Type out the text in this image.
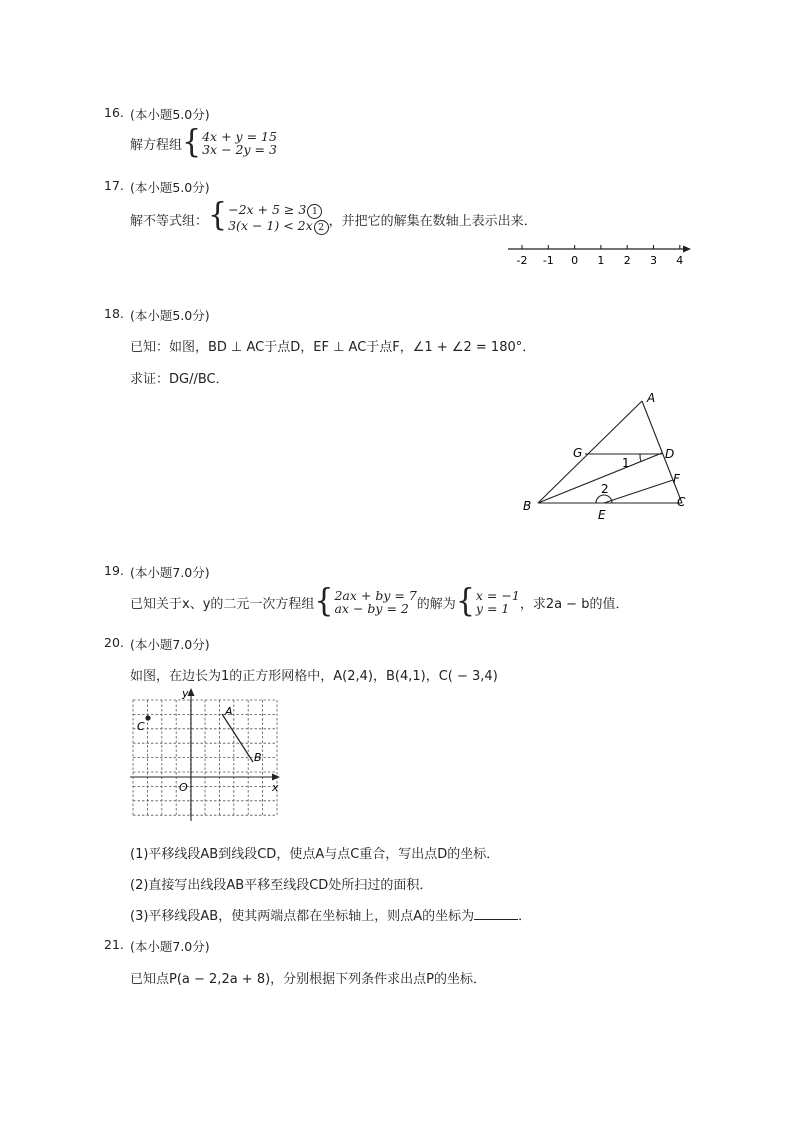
16. (本小题5.0分)
解方程组 { 4x + y = 15
3x − 2y = 3
17. (本小题5.0分)
解不等式组： { −2x + 5 ≥ 3 1
3(x − 1) < 2x 2 ，并把它的解集在数轴上表示出来．
-2 -1 0 1 2 3 4
18. (本小题5.0分)
已知：如图，BD ⊥ AC于点D，EF ⊥ AC于点F，∠1 + ∠2 = 180°．
求证：DG//BC．
A
B	C
D
E
F
G
1
2
19. (本小题7.0分)
已知关于x、y的二元一次方程组 { 2ax + by = 7
ax − by = 2 的解为 { x = −1
y = 1 ，求2a − b的值．
20. (本小题7.0分)
如图，在边长为1的正方形网格中，A(2,4)，B(4,1)，C( − 3,4)
y
x
O
A
B
C
(1)平移线段AB到线段CD，使点A与点C重合，写出点D的坐标．
(2)直接写出线段AB平移至线段CD处所扫过的面积．
(3)平移线段AB，使其两端点都在坐标轴上，则点A的坐标为	．
21. (本小题7.0分)
已知点P(a − 2,2a + 8)，分别根据下列条件求出点P的坐标．
